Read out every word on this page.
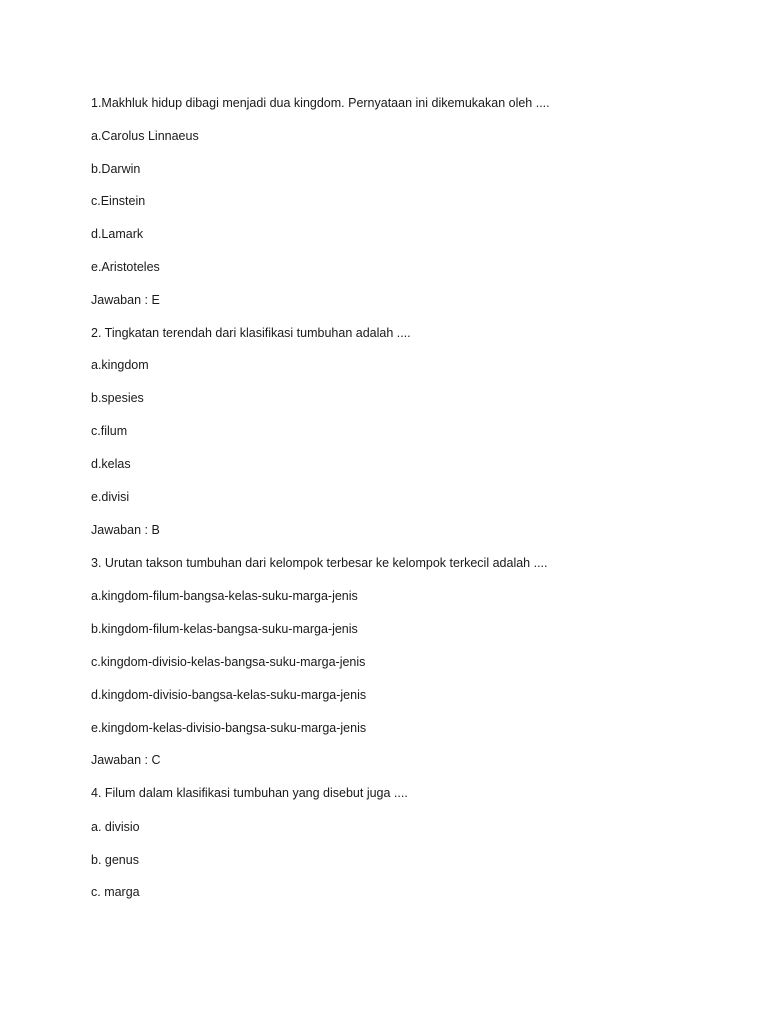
1.Makhluk hidup dibagi menjadi dua kingdom. Pernyataan ini dikemukakan oleh ....

a.Carolus Linnaeus

b.Darwin

c.Einstein

d.Lamark

e.Aristoteles

Jawaban : E

2. Tingkatan terendah dari klasifikasi tumbuhan adalah ....

a.kingdom

b.spesies

c.filum

d.kelas

e.divisi

Jawaban : B

3. Urutan takson tumbuhan dari kelompok terbesar ke kelompok terkecil adalah ....

a.kingdom-filum-bangsa-kelas-suku-marga-jenis

b.kingdom-filum-kelas-bangsa-suku-marga-jenis

c.kingdom-divisio-kelas-bangsa-suku-marga-jenis

d.kingdom-divisio-bangsa-kelas-suku-marga-jenis

e.kingdom-kelas-divisio-bangsa-suku-marga-jenis

Jawaban : C

4. Filum dalam klasifikasi tumbuhan yang disebut juga ....

a. divisio

b. genus

c. marga
